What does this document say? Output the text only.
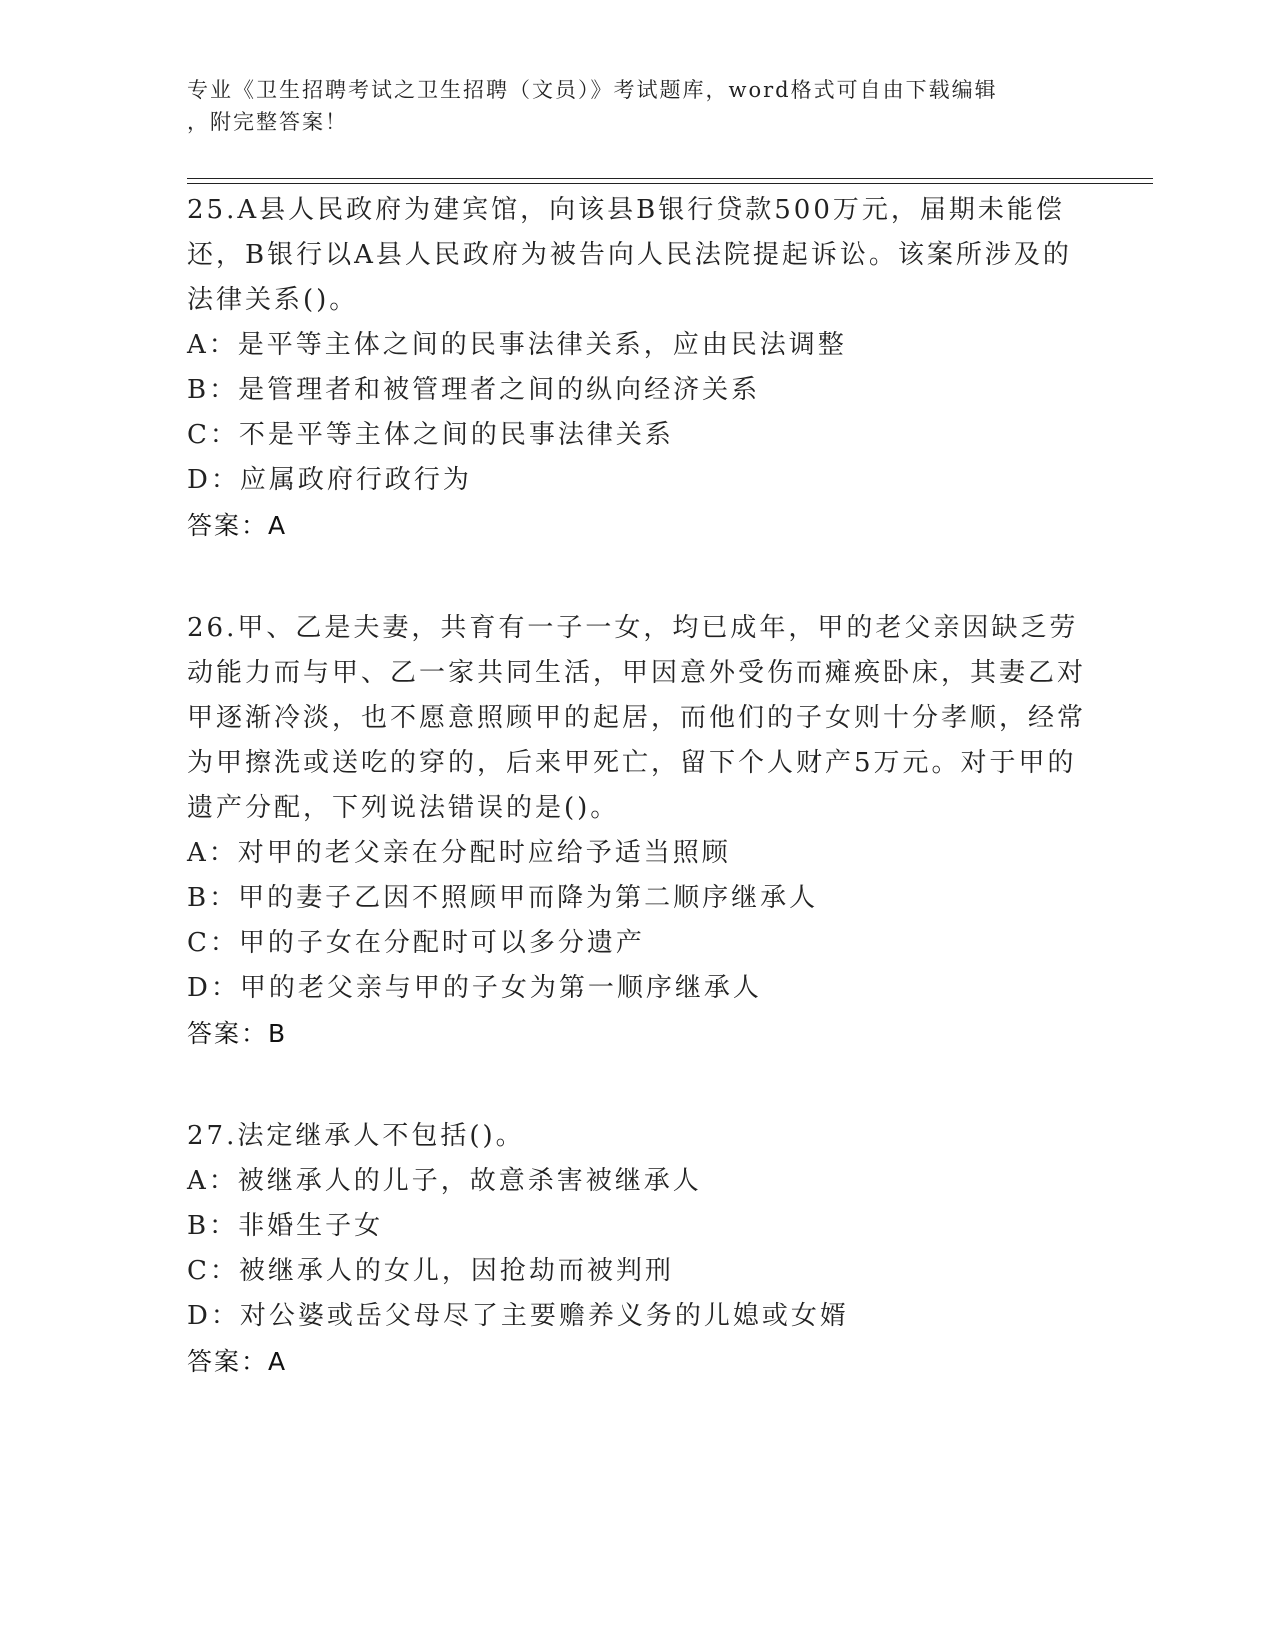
专业《卫生招聘考试之卫生招聘（文员）》考试题库，word格式可自由下载编辑
，附完整答案！

25.A县人民政府为建宾馆，向该县B银行贷款500万元，届期未能偿还，B银行以A县人民政府为被告向人民法院提起诉讼。该案所涉及的法律关系()。

A：是平等主体之间的民事法律关系，应由民法调整

B：是管理者和被管理者之间的纵向经济关系

C：不是平等主体之间的民事法律关系

D：应属政府行政行为

答案：A

26.甲、乙是夫妻，共育有一子一女，均已成年，甲的老父亲因缺乏劳动能力而与甲、乙一家共同生活，甲因意外受伤而瘫痪卧床，其妻乙对甲逐渐冷淡，也不愿意照顾甲的起居，而他们的子女则十分孝顺，经常为甲擦洗或送吃的穿的，后来甲死亡，留下个人财产5万元。对于甲的遗产分配，下列说法错误的是()。

A：对甲的老父亲在分配时应给予适当照顾

B：甲的妻子乙因不照顾甲而降为第二顺序继承人

C：甲的子女在分配时可以多分遗产

D：甲的老父亲与甲的子女为第一顺序继承人

答案：B

27.法定继承人不包括()。

A：被继承人的儿子，故意杀害被继承人

B：非婚生子女

C：被继承人的女儿，因抢劫而被判刑

D：对公婆或岳父母尽了主要赡养义务的儿媳或女婿

答案：A
